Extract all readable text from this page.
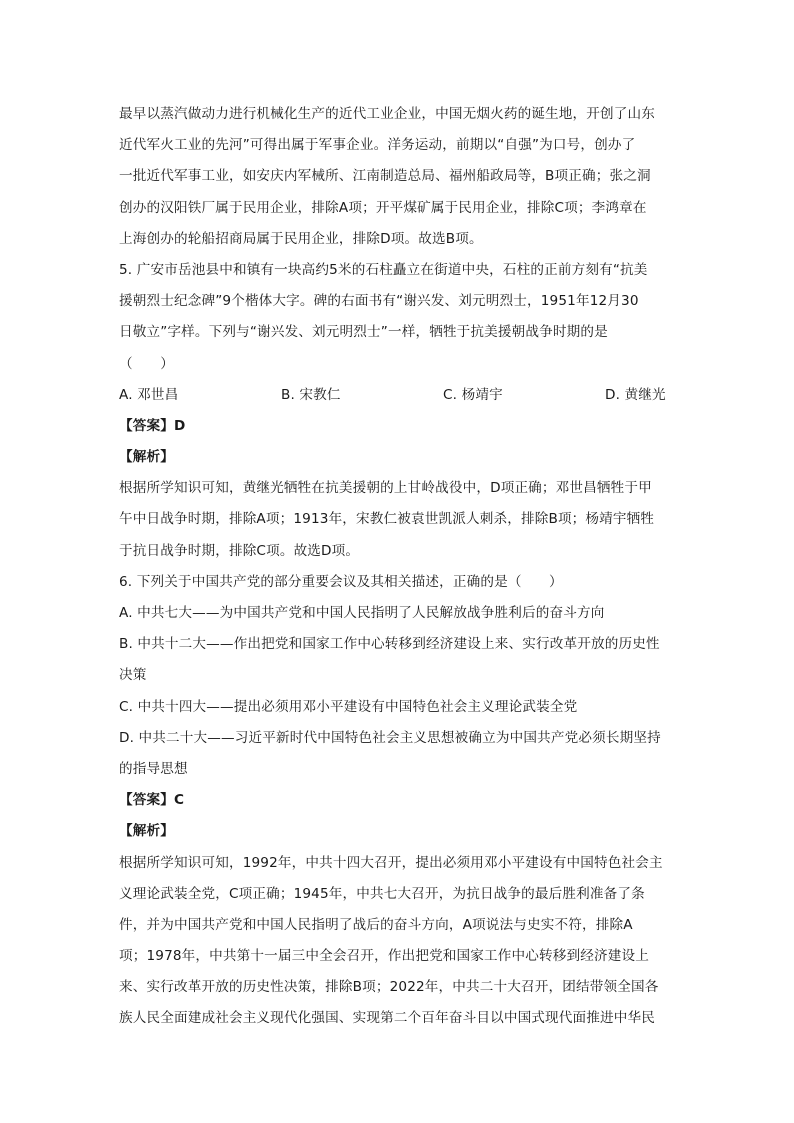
最早以蒸汽做动力进行机械化生产的近代工业企业，中国无烟火药的诞生地，开创了山东
近代军火工业的先河”可得出属于军事企业。洋务运动，前期以“自强”为口号，创办了
一批近代军事工业，如安庆内军械所、江南制造总局、福州船政局等，B项正确；张之洞
创办的汉阳铁厂属于民用企业，排除A项；开平煤矿属于民用企业，排除C项；李鸿章在
上海创办的轮船招商局属于民用企业，排除D项。故选B项。
5. 广安市岳池县中和镇有一块高约5米的石柱矗立在街道中央，石柱的正前方刻有“抗美
援朝烈士纪念碑”9个楷体大字。碑的右面书有“谢兴发、刘元明烈士，1951年12月30
日敬立”字样。下列与“谢兴发、刘元明烈士”一样，牺牲于抗美援朝战争时期的是
（　　）
A. 邓世昌	B. 宋教仁	C. 杨靖宇	D. 黄继光
【答案】D
【解析】
根据所学知识可知，黄继光牺牲在抗美援朝的上甘岭战役中，D项正确；邓世昌牺牲于甲
午中日战争时期，排除A项；1913年，宋教仁被袁世凯派人刺杀，排除B项；杨靖宇牺牲
于抗日战争时期，排除C项。故选D项。
6. 下列关于中国共产党的部分重要会议及其相关描述，正确的是（　　）
A. 中共七大——为中国共产党和中国人民指明了人民解放战争胜利后的奋斗方向
B. 中共十二大——作出把党和国家工作中心转移到经济建设上来、实行改革开放的历史性
决策
C. 中共十四大——提出必须用邓小平建设有中国特色社会主义理论武装全党
D. 中共二十大——习近平新时代中国特色社会主义思想被确立为中国共产党必须长期坚持
的指导思想
【答案】C
【解析】
根据所学知识可知，1992年，中共十四大召开，提出必须用邓小平建设有中国特色社会主
义理论武装全党，C项正确；1945年，中共七大召开，为抗日战争的最后胜利准备了条
件，并为中国共产党和中国人民指明了战后的奋斗方向，A项说法与史实不符，排除A
项；1978年，中共第十一届三中全会召开，作出把党和国家工作中心转移到经济建设上
来、实行改革开放的历史性决策，排除B项；2022年，中共二十大召开，团结带领全国各
族人民全面建成社会主义现代化强国、实现第二个百年奋斗目以中国式现代面推进中华民
